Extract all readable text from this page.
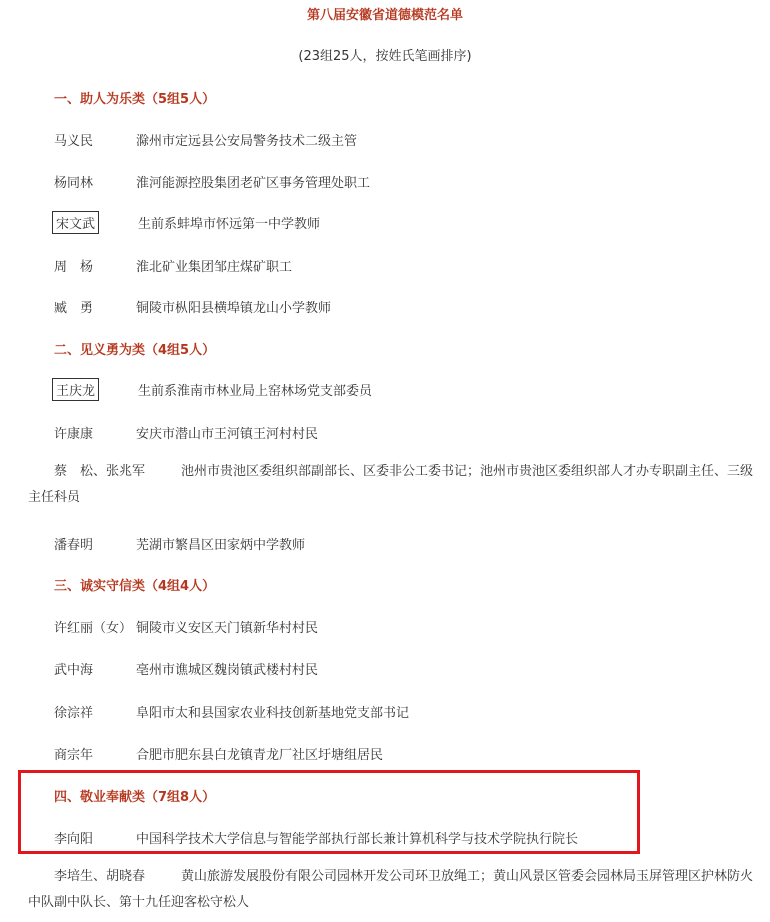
第八届安徽省道德模范名单
(23组25人，按姓氏笔画排序)
一、助人为乐类（5组5人）
马义民	滁州市定远县公安局警务技术二级主管
杨同林	淮河能源控股集团老矿区事务管理处职工
宋文武	生前系蚌埠市怀远第一中学教师
周　杨	淮北矿业集团邹庄煤矿职工
臧　勇	铜陵市枞阳县横埠镇龙山小学教师
二、见义勇为类（4组5人）
王庆龙	生前系淮南市林业局上窑林场党支部委员
许康康	安庆市潜山市王河镇王河村村民
蔡　松、张兆军	池州市贵池区委组织部副部长、区委非公工委书记；池州市贵池区委组织部人才办专职副主任、三级主任科员
潘春明	芜湖市繁昌区田家炳中学教师
三、诚实守信类（4组4人）
许红丽（女） 铜陵市义安区天门镇新华村村民
武中海	亳州市谯城区魏岗镇武楼村村民
徐淙祥	阜阳市太和县国家农业科技创新基地党支部书记
商宗年	合肥市肥东县白龙镇青龙厂社区圩塘组居民
四、敬业奉献类（7组8人）
李向阳	中国科学技术大学信息与智能学部执行部长兼计算机科学与技术学院执行院长
李培生、胡晓春	黄山旅游发展股份有限公司园林开发公司环卫放绳工；黄山风景区管委会园林局玉屏管理区护林防火中队副中队长、第十九任迎客松守松人
